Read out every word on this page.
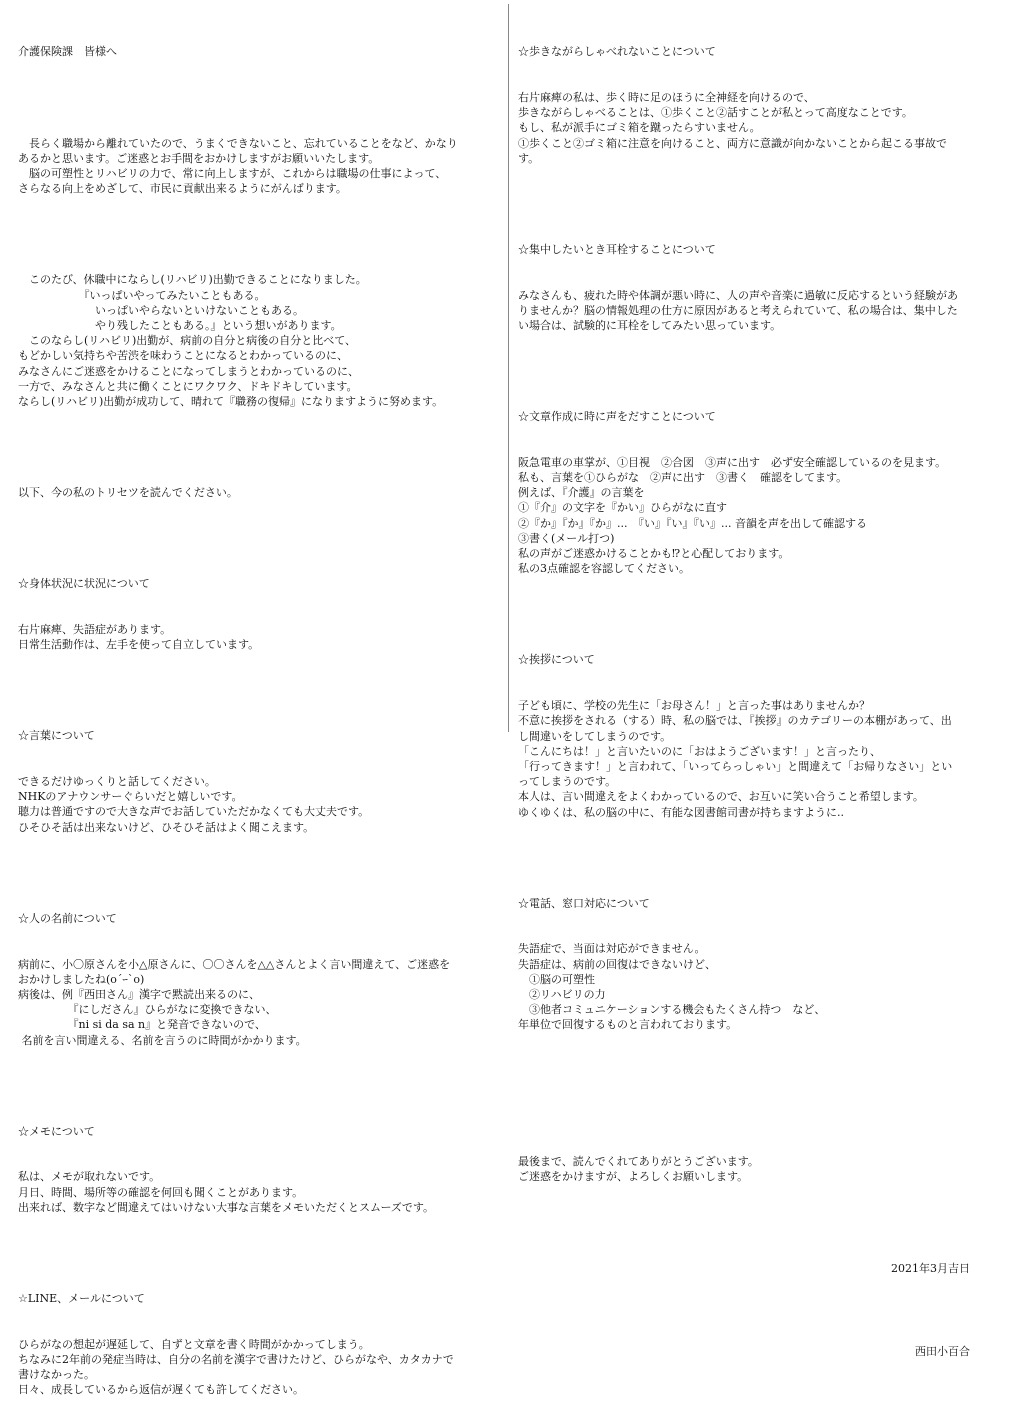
介護保険課　皆様へ

　長らく職場から離れていたので、うまくできないこと、忘れていることをなど、かなり
あるかと思います。ご迷惑とお手間をおかけしますがお願いいたします。
　脳の可塑性とリハビリの力で、常に向上しますが、これからは職場の仕事によって、
さらなる向上をめざして、市民に貢献出来るようにがんばります。

　このたび、休職中にならし(リハビリ)出勤できることになりました。
　　　　　　『いっぱいやってみたいこともある。
　　　　　　　いっぱいやらないといけないこともある。
　　　　　　　やり残したこともある。』という想いがあります。
　このならし(リハビリ)出勤が、病前の自分と病後の自分と比べて、
もどかしい気持ちや苦渋を味わうことになるとわかっているのに、
みなさんにご迷惑をかけることになってしまうとわかっているのに、
一方で、みなさんと共に働くことにワクワク、ドキドキしています。
ならし(リハビリ)出勤が成功して、晴れて『職務の復帰』になりますように努めます。

以下、今の私のトリセツを読んでください。

☆身体状況に状況について

右片麻痺、失語症があります。
日常生活動作は、左手を使って自立しています。

☆言葉について

できるだけゆっくりと話してください。
NHKのアナウンサーぐらいだと嬉しいです。
聴力は普通ですので大きな声でお話していただかなくても大丈夫です。
ひそひそ話は出来ないけど、ひそひそ話はよく聞こえます。

☆人の名前について

病前に、小〇原さんを小△原さんに、〇〇さんを△△さんとよく言い間違えて、ご迷惑を
おかけしましたね(o´ｰ`o)
病後は、例『西田さん』漢字で黙読出来るのに、
　　　　　『にしださん』ひらがなに変換できない、
　　　　　『ni si da sa n』と発音できないので、
名前を言い間違える、名前を言うのに時間がかかります。

☆メモについて

私は、メモが取れないです。
月日、時間、場所等の確認を何回も聞くことがあります。
出来れば、数字など間違えてはいけない大事な言葉をメモいただくとスムーズです。

☆LINE、メールについて

ひらがなの想起が遅延して、自ずと文章を書く時間がかかってしまう。
ちなみに2年前の発症当時は、自分の名前を漢字で書けたけど、ひらがなや、カタカナで
書けなかった。
日々、成長しているから返信が遅くても許してください。

☆歩きながらしゃべれないことについて

右片麻痺の私は、歩く時に足のほうに全神経を向けるので、
歩きながらしゃべることは、①歩くこと②話すことが私とって高度なことです。
もし、私が派手にゴミ箱を蹴ったらすいません。
①歩くこと②ゴミ箱に注意を向けること、両方に意識が向かないことから起こる事故で
す。

☆集中したいとき耳栓することについて

みなさんも、疲れた時や体調が悪い時に、人の声や音楽に過敏に反応するという経験があ
りませんか？脳の情報処理の仕方に原因があると考えられていて、私の場合は、集中した
い場合は、試験的に耳栓をしてみたい思っています。

☆文章作成に時に声をだすことについて

阪急電車の車掌が、①目視　②合図　③声に出す　必ず安全確認しているのを見ます。
私も、言葉を①ひらがな　②声に出す　③書く　確認をしてます。
例えば、『介護』の言葉を
①『介』の文字を『かい』ひらがなに直す
②『か』『か』『か』...　『い』『い』『い』... 音韻を声を出して確認する
③書く(メール打つ)
私の声がご迷惑かけることかも⁉と心配しております。
私の3点確認を容認してください。

☆挨拶について

子ども頃に、学校の先生に「お母さん！」と言った事はありませんか？
不意に挨拶をされる（する）時、私の脳では、『挨拶』のカテゴリーの本棚があって、出
し間違いをしてしまうのです。
「こんにちは！」と言いたいのに「おはようございます！」と言ったり、
「行ってきます！」と言われて、「いってらっしゃい」と間違えて「お帰りなさい」とい
ってしまうのです。
本人は、言い間違えをよくわかっているので、お互いに笑い合うこと希望します。
ゆくゆくは、私の脳の中に、有能な図書館司書が持ちますように..

☆電話、窓口対応について

失語症で、当面は対応ができません。
失語症は、病前の回復はできないけど、
　①脳の可塑性
　②リハビリの力
　③他者コミュニケーションする機会もたくさん持つ　など、
年単位で回復するものと言われております。

最後まで、読んでくれてありがとうございます。
ご迷惑をかけますが、よろしくお願いします。

2021年3月吉日

西田小百合
